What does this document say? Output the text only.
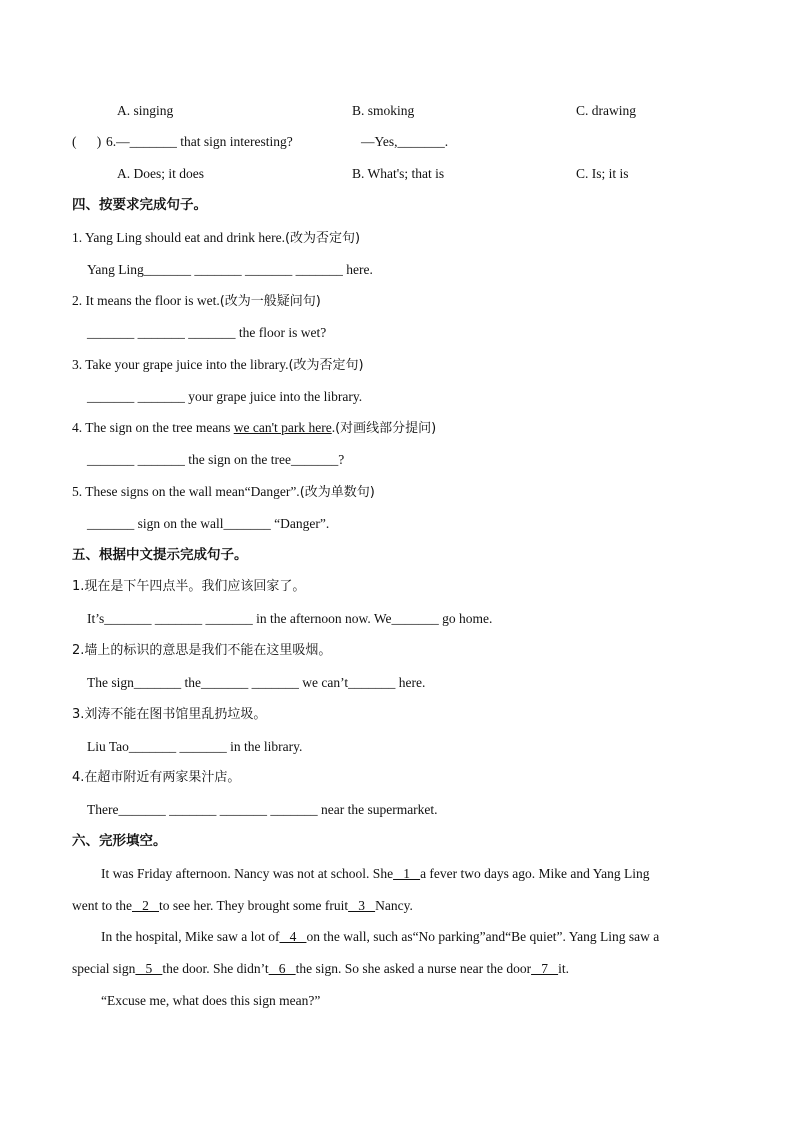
A. singing	B. smoking	C. drawing
(      ) 6.—_______ that sign interesting?	—Yes,_______.
A. Does; it does	B. What's; that is	C. Is; it is
四、按要求完成句子。
1. Yang Ling should eat and drink here.(改为否定句)
Yang Ling_______ _______ _______ _______ here.
2. It means the floor is wet.(改为一般疑问句)
_______ _______ _______ the floor is wet?
3. Take your grape juice into the library.(改为否定句)
_______ _______ your grape juice into the library.
4. The sign on the tree means we can't park here.(对画线部分提问)
_______ _______ the sign on the tree_______?
5. These signs on the wall mean“Danger”.(改为单数句)
_______ sign on the wall_______ “Danger”.
五、根据中文提示完成句子。
1.现在是下午四点半。我们应该回家了。
It’s_______ _______ _______ in the afternoon now. We_______ go home.
2.墙上的标识的意思是我们不能在这里吸烟。
The sign_______ the_______ _______ we can’t_______ here.
3.刘涛不能在图书馆里乱扔垃圾。
Liu Tao_______ _______ in the library.
4.在超市附近有两家果汁店。
There_______ _______ _______ _______ near the supermarket.
六、完形填空。
It was Friday afternoon. Nancy was not at school. She   1   a fever two days ago. Mike and Yang Ling
went to the   2   to see her. They brought some fruit   3   Nancy.
In the hospital, Mike saw a lot of   4   on the wall, such as“No parking”and“Be quiet”. Yang Ling saw a
special sign   5   the door. She didn’t   6   the sign. So she asked a nurse near the door   7   it.
“Excuse me, what does this sign mean?”
